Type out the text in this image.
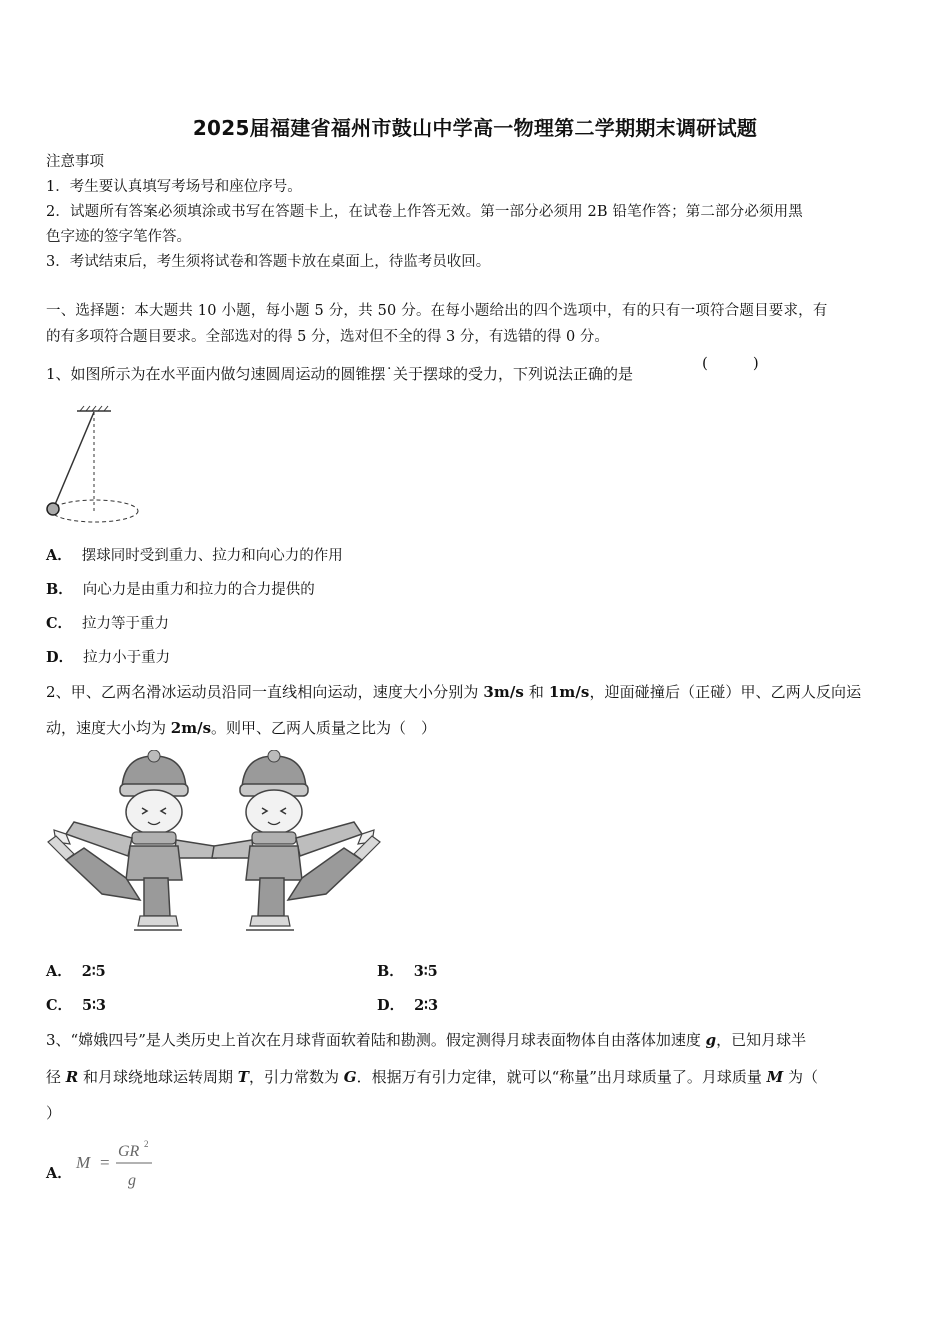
2025届福建省福州市鼓山中学高一物理第二学期期末调研试题
注意事项
1．考生要认真填写考场号和座位序号。
2．试题所有答案必须填涂或书写在答题卡上，在试卷上作答无效。第一部分必须用 2B 铅笔作答；第二部分必须用黑
色字迹的签字笔作答。
3．考试结束后，考生须将试卷和答题卡放在桌面上，待监考员收回。
一、选择题：本大题共 10 小题，每小题 5 分，共 50 分。在每小题给出的四个选项中，有的只有一项符合题目要求，有
的有多项符合题目要求。全部选对的得 5 分，选对但不全的得 3 分，有选错的得 0 分。
1、如图所示为在水平面内做匀速圆周运动的圆锥摆˙关于摆球的受力，下列说法正确的是
(　　　)
A． 摆球同时受到重力、拉力和向心力的作用
B． 向心力是由重力和拉力的合力提供的
C． 拉力等于重力
D． 拉力小于重力
2、甲、乙两名滑冰运动员沿同一直线相向运动，速度大小分别为 3m/s 和 1m/s，迎面碰撞后（正碰）甲、乙两人反向运
动，速度大小均为 2m/s。则甲、乙两人质量之比为（　）
A． 2∶5	B． 3∶5
C． 5∶3	D． 2∶3
3、“嫦娥四号”是人类历史上首次在月球背面软着陆和勘测。假定测得月球表面物体自由落体加速度 g，已知月球半
径 R 和月球绕地球运转周期 T，引力常数为 G．根据万有引力定律，就可以“称量”出月球质量了。月球质量 M 为（
）
A．
M =
GR 2
g
